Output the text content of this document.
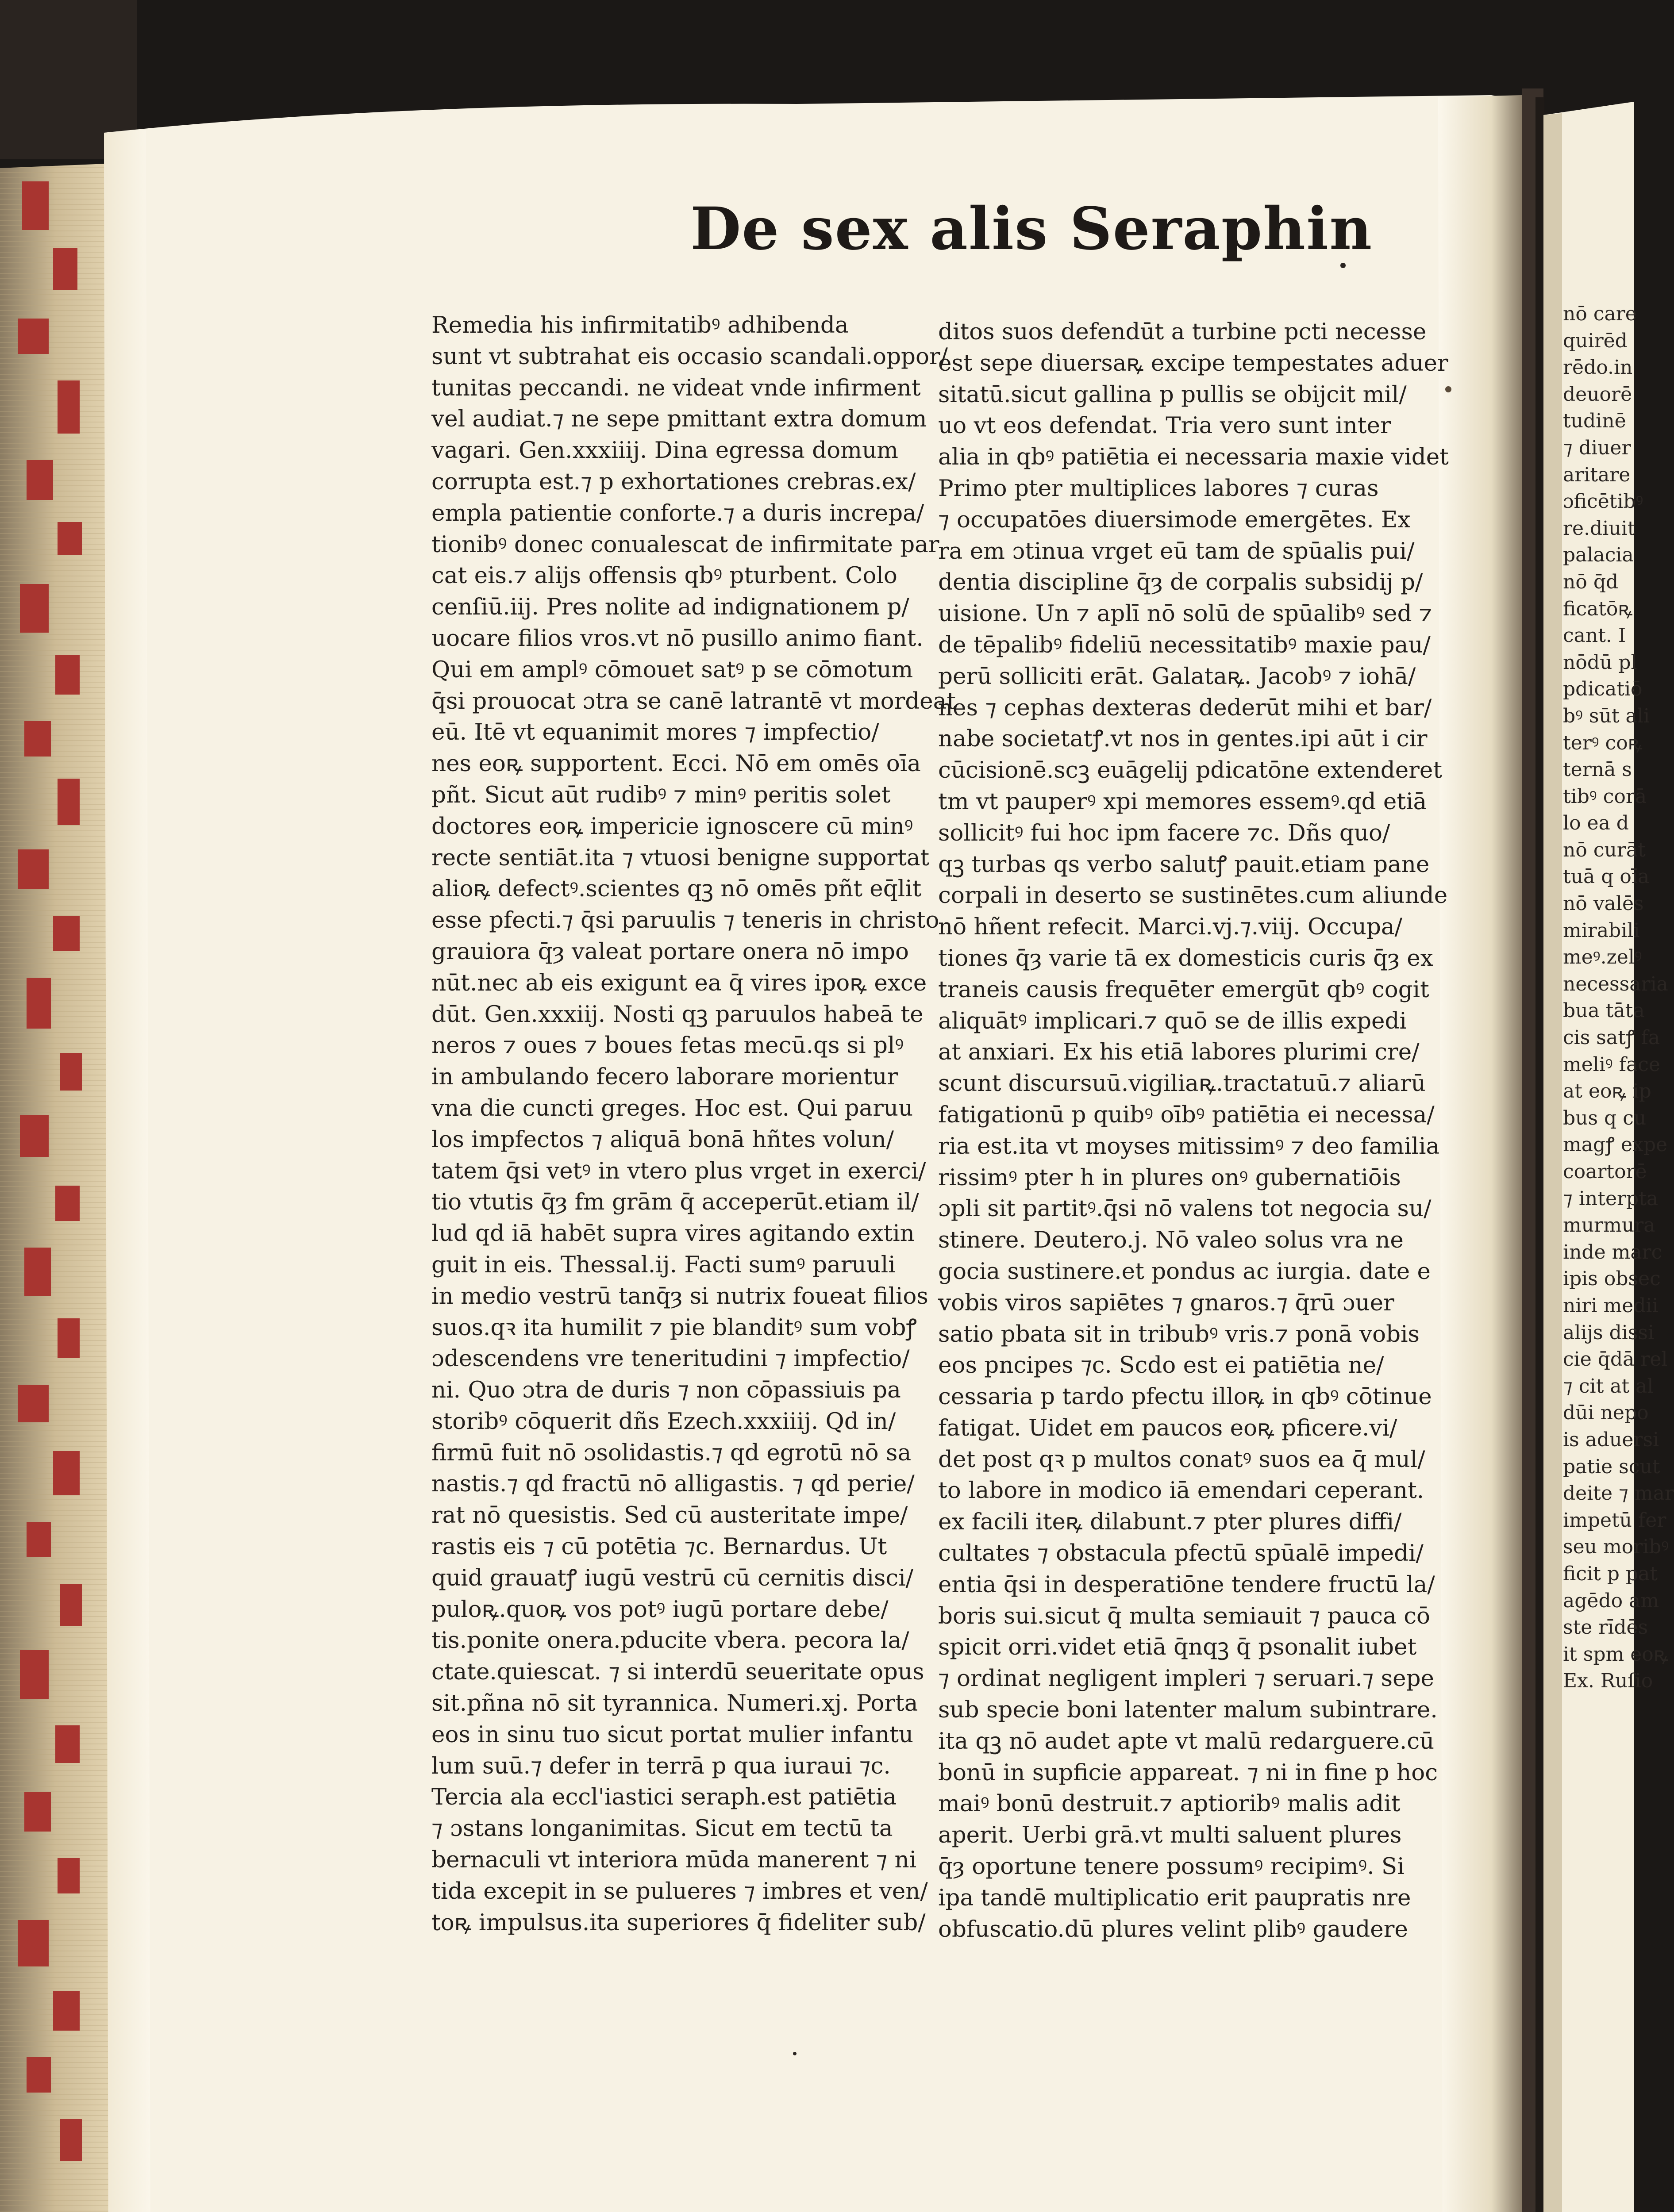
De sex alis Seraphin
Remedia his infirmitatibꝰ adhibenda
sunt vt subtrahat eis occasio scandali.oppor/
tunitas peccandi. ne videat vnde infirment
vel audiat.⁊ ne sepe pmittant extra domum
vagari. Gen.xxxiiij. Dina egressa domum
corrupta est.⁊ p exhortationes crebras.ex/
empla patientie conforte.⁊ a duris increpa/
tionibꝰ donec conualescat de infirmitate par
cat eis.⁊ alijs offensis qbꝰ pturbent. Colo
cenſiū.iij. Pres nolite ad indignationem p/
uocare filios vros.vt nō pusillo animo fiant.
Qui em amplꝰ cōmouet satꝰ p se cōmotum
q̄si prouocat ɔtra se canē latrantē vt mordeat
eū. Itē vt equanimit mores ⁊ impfectio/
nes eoꝶ supportent. Ecci. Nō em omēs oīa
pñt. Sicut aūt rudibꝰ ⁊ minꝰ peritis solet
doctores eoꝶ impericie ignoscere cū minꝰ
recte sentiāt.ita ⁊ vtuosi benigne supportat
alioꝶ defectꝰ.scientes qꝫ nō omēs pñt eq̄lit
esse pfecti.⁊ q̄si paruulis ⁊ teneris in christo
grauiora q̄ȝ valeat portare onera nō impo
nūt.nec ab eis exigunt ea q̄ vires ipoꝶ exce
dūt. Gen.xxxiij. Nosti qꝫ paruulos habeā te
neros ⁊ oues ⁊ boues fetas mecū.qs si plꝰ
in ambulando fecero laborare morientur
vna die cuncti greges. Hoc est. Qui paruu
los impfectos ⁊ aliquā bonā hñtes volun/
tatem q̄si vetꝰ in vtero plus vrget in exerci/
tio vtutis q̄ȝ fm grām q̄ acceperūt.etiam il/
lud qd iā habēt supra vires agitando extin
guit in eis. Thessal.ij. Facti sumꝰ paruuli
in medio vestrū tanq̄ȝ si nutrix foueat filios
suos.qꝛ ita humilit ⁊ pie blanditꝰ sum vobꝭ
ɔdescendens vre teneritudini ⁊ impfectio/
ni. Quo ɔtra de duris ⁊ non cōpassiuis pa
storibꝰ cōquerit dñs Ezech.xxxiiij. Qd in/
firmū fuit nō ɔsolidastis.⁊ qd egrotū nō sa
nastis.⁊ qd fractū nō alligastis. ⁊ qd perie/
rat nō quesistis. Sed cū austeritate impe/
rastis eis ⁊ cū potētia ⁊c. Bernardus. Ut
quid grauatꝭ iugū vestrū cū cernitis disci/
puloꝶ.quoꝶ vos potꝰ iugū portare debe/
tis.ponite onera.pducite vbera. pecora la/
ctate.quiescat. ⁊ si interdū seueritate opus
sit.pñna nō sit tyrannica. Numeri.xj. Porta
eos in sinu tuo sicut portat mulier infantu
lum suū.⁊ defer in terrā p qua iuraui ⁊c.
Tercia ala eccl'iastici seraph.est patiētia
⁊ ɔstans longanimitas. Sicut em tectū ta
bernaculi vt interiora mūda manerent ⁊ ni
tida excepit in se pulueres ⁊ imbres et ven/
toꝶ impulsus.ita superiores q̄ fideliter sub/
ditos suos defendūt a turbine pcti necesse
est sepe diuersaꝶ excipe tempestates aduer
sitatū.sicut gallina p pullis se obijcit mil/
uo vt eos defendat. Tria vero sunt inter
alia in qbꝰ patiētia ei necessaria maxie videt
Primo pter multiplices labores ⁊ curas
⁊ occupatōes diuersimode emergētes. Ex
ra em ɔtinua vrget eū tam de spūalis pui/
dentia discipline q̄ȝ de corpalis subsidij p/
uisione. Un ⁊ aplī nō solū de spūalibꝰ sed ⁊
de tēpalibꝰ fideliū necessitatibꝰ maxie pau/
perū solliciti erāt. Galataꝶ. Jacobꝰ ⁊ iohā/
nes ⁊ cephas dexteras dederūt mihi et bar/
nabe societatꝭ.vt nos in gentes.ipi aūt i cir
cūcisionē.scꝫ euāgelij pdicatōne extenderet
tm vt pauperꝰ xpi memores essemꝰ.qd etiā
sollicitꝰ fui hoc ipm facere ⁊c. Dñs quo/
qꝫ turbas qs verbo salutꝭ pauit.etiam pane
corpali in deserto se sustinētes.cum aliunde
nō hñent refecit. Marci.vj.⁊.viij. Occupa/
tiones q̄ȝ varie tā ex domesticis curis q̄ȝ ex
traneis causis frequēter emergūt qbꝰ cogit
aliquātꝰ implicari.⁊ quō se de illis expedi
at anxiari. Ex his etiā labores plurimi cre/
scunt discursuū.vigiliaꝶ.tractatuū.⁊ aliarū
fatigationū p quibꝰ oībꝰ patiētia ei necessa/
ria est.ita vt moyses mitissimꝰ ⁊ deo familia
rissimꝰ pter h in plures onꝰ gubernatiōis
ɔpli sit partitꝰ.q̄si nō valens tot negocia su/
stinere. Deutero.j. Nō valeo solus vra ne
gocia sustinere.et pondus ac iurgia. date e
vobis viros sapiētes ⁊ gnaros.⁊ q̄rū ɔuer
satio pbata sit in tribubꝰ vris.⁊ ponā vobis
eos pncipes ⁊c. Scdo est ei patiētia ne/
cessaria p tardo pfectu illoꝶ in qbꝰ cōtinue
fatigat. Uidet em paucos eoꝶ pficere.vi/
det post qꝛ p multos conatꝰ suos ea q̄ mul/
to labore in modico iā emendari ceperant.
ex facili iteꝶ dilabunt.⁊ pter plures diffi/
cultates ⁊ obstacula pfectū spūalē impedi/
entia q̄si in desperatiōne tendere fructū la/
boris sui.sicut q̄ multa semiauit ⁊ pauca cō
spicit orri.videt etiā q̄nqꝫ q̄ psonalit iubet
⁊ ordinat negligent impleri ⁊ seruari.⁊ sepe
sub specie boni latenter malum subintrare.
ita qꝫ nō audet apte vt malū redarguere.cū
bonū in supficie appareat. ⁊ ni in fine p hoc
maiꝰ bonū destruit.⁊ aptioribꝰ malis adit
aperit. Uerbi grā.vt multi saluent plures
q̄ȝ oportune tenere possumꝰ recipimꝰ. Si
ipa tandē multiplicatio erit paupratis nre
obfuscatio.dū plures velint plibꝰ gaudere
nō care
quirēd
rēdo.in
deuorē
tudinē
⁊ diuer
aritare
ɔficētibꝰ
re.diuit
palacia
nō q̄d
ficatōꝶ
cant. I
nōdū pl
pdicatiō
bꝰ sūt ali
terꝰ coꝶ
ternā s
tibꝰ corā
lo ea d
nō curāt
tuā q oīa
nō valēs
mirabili
meꝰ.zelꝰ
necessaria
bua tāta
cis satꝭ fa
meliꝰ face
at eoꝶ ip
bus q cu
magꝭ expe
coartorē
⁊ interpta
murmura
inde marc
ipis obsec
niri medii
alijs dissi
cie q̄dā rel
⁊ cit at al
dūi nepo
is aduersi
patie scut
deite ⁊ mar
impetū fer
seu moribꝰ
ficit p pat
agēdo am
ste rīdēs
it spm eoꝶ
Ex. Ruſio
